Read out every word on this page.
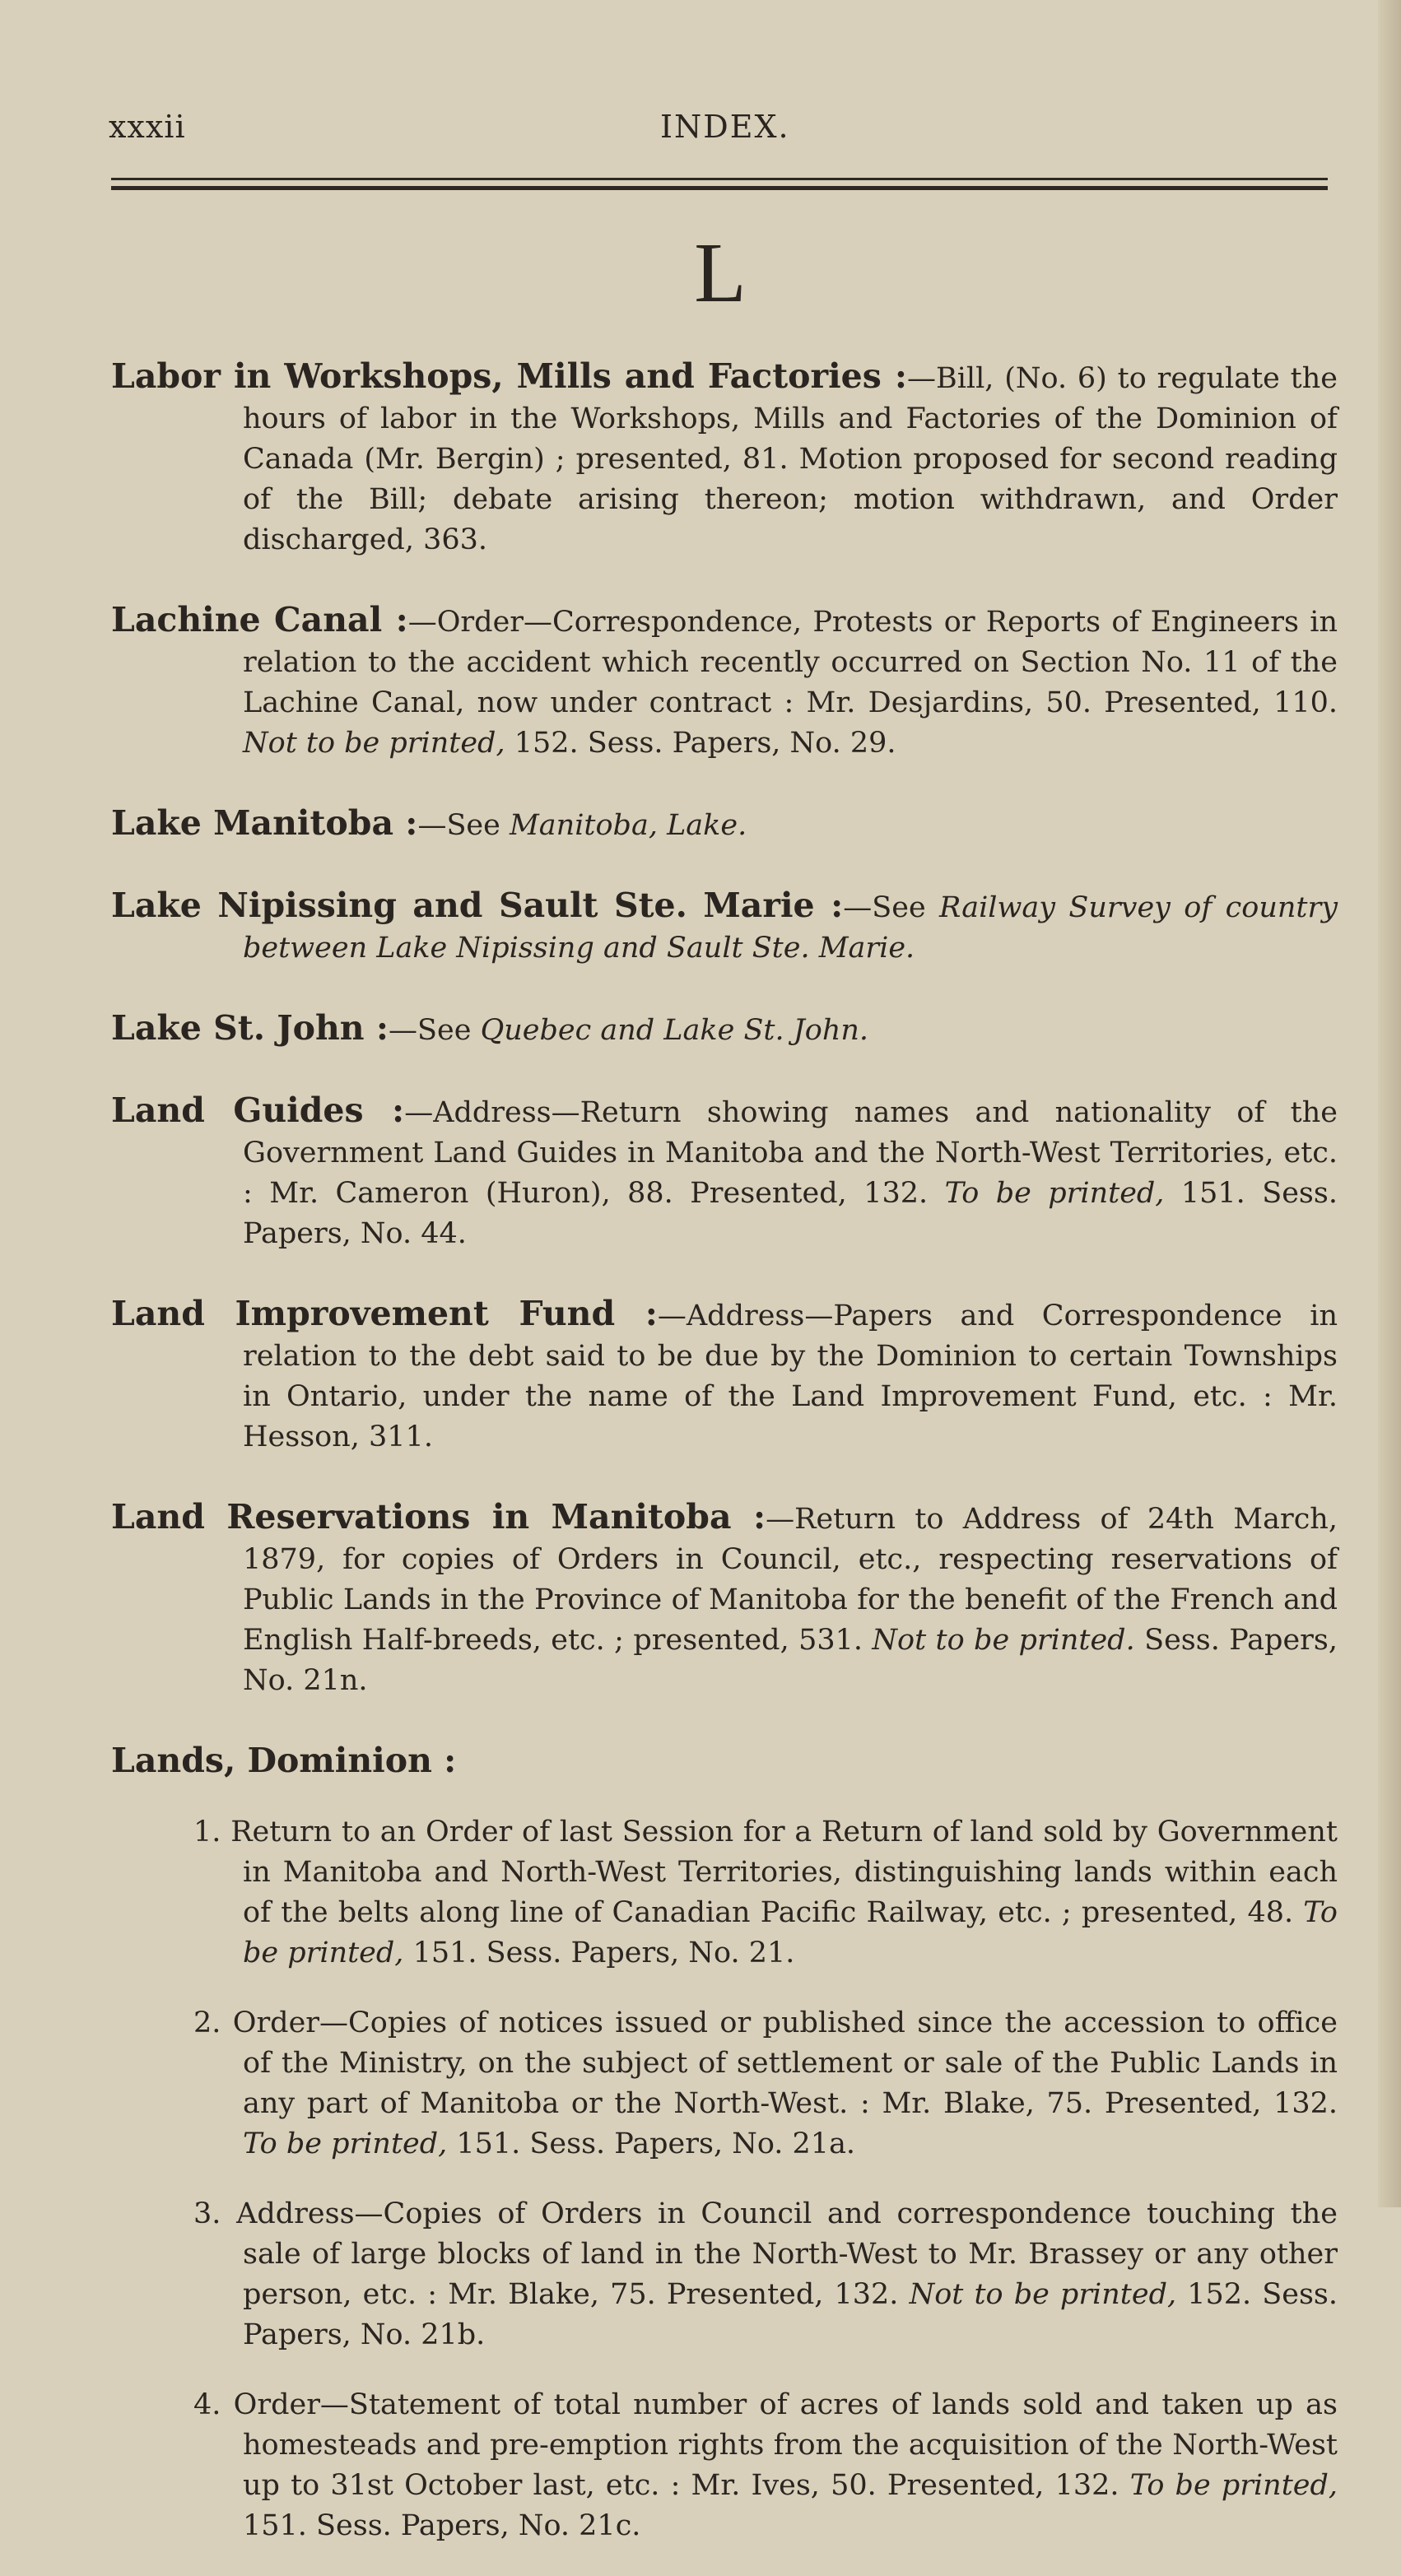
xxxii	INDEX.
L

Labor in Workshops, Mills and Factories :—Bill, (No. 6) to regulate the hours of labor in the Workshops, Mills and Factories of the Dominion of Canada (Mr. Bergin) ; presented, 81. Motion proposed for second reading of the Bill; debate arising thereon; motion withdrawn, and Order discharged, 363.

Lachine Canal :—Order—Correspondence, Protests or Reports of Engineers in relation to the accident which recently occurred on Section No. 11 of the Lachine Canal, now under contract : Mr. Desjardins, 50. Presented, 110. Not to be printed, 152. Sess. Papers, No. 29.

Lake Manitoba :—See Manitoba, Lake.

Lake Nipissing and Sault Ste. Marie :—See Railway Survey of country between Lake Nipissing and Sault Ste. Marie.

Lake St. John :—See Quebec and Lake St. John.

Land Guides :—Address—Return showing names and nationality of the Government Land Guides in Manitoba and the North-West Territories, etc. : Mr. Cameron (Huron), 88. Presented, 132. To be printed, 151. Sess. Papers, No. 44.

Land Improvement Fund :—Address—Papers and Correspondence in relation to the debt said to be due by the Dominion to certain Townships in Ontario, under the name of the Land Improvement Fund, etc. : Mr. Hesson, 311.

Land Reservations in Manitoba :—Return to Address of 24th March, 1879, for copies of Orders in Council, etc., respecting reservations of Public Lands in the Province of Manitoba for the benefit of the French and English Half-breeds, etc. ; presented, 531. Not to be printed. Sess. Papers, No. 21n.

Lands, Dominion :

1. Return to an Order of last Session for a Return of land sold by Government in Manitoba and North-West Territories, distinguishing lands within each of the belts along line of Canadian Pacific Railway, etc. ; presented, 48. To be printed, 151. Sess. Papers, No. 21.

2. Order—Copies of notices issued or published since the accession to office of the Ministry, on the subject of settlement or sale of the Public Lands in any part of Manitoba or the North-West. : Mr. Blake, 75. Presented, 132. To be printed, 151. Sess. Papers, No. 21a.

3. Address—Copies of Orders in Council and correspondence touching the sale of large blocks of land in the North-West to Mr. Brassey or any other person, etc. : Mr. Blake, 75. Presented, 132. Not to be printed, 152. Sess. Papers, No. 21b.

4. Order—Statement of total number of acres of lands sold and taken up as homesteads and pre-emption rights from the acquisition of the North-West up to 31st October last, etc. : Mr. Ives, 50. Presented, 132. To be printed, 151. Sess. Papers, No. 21c.
